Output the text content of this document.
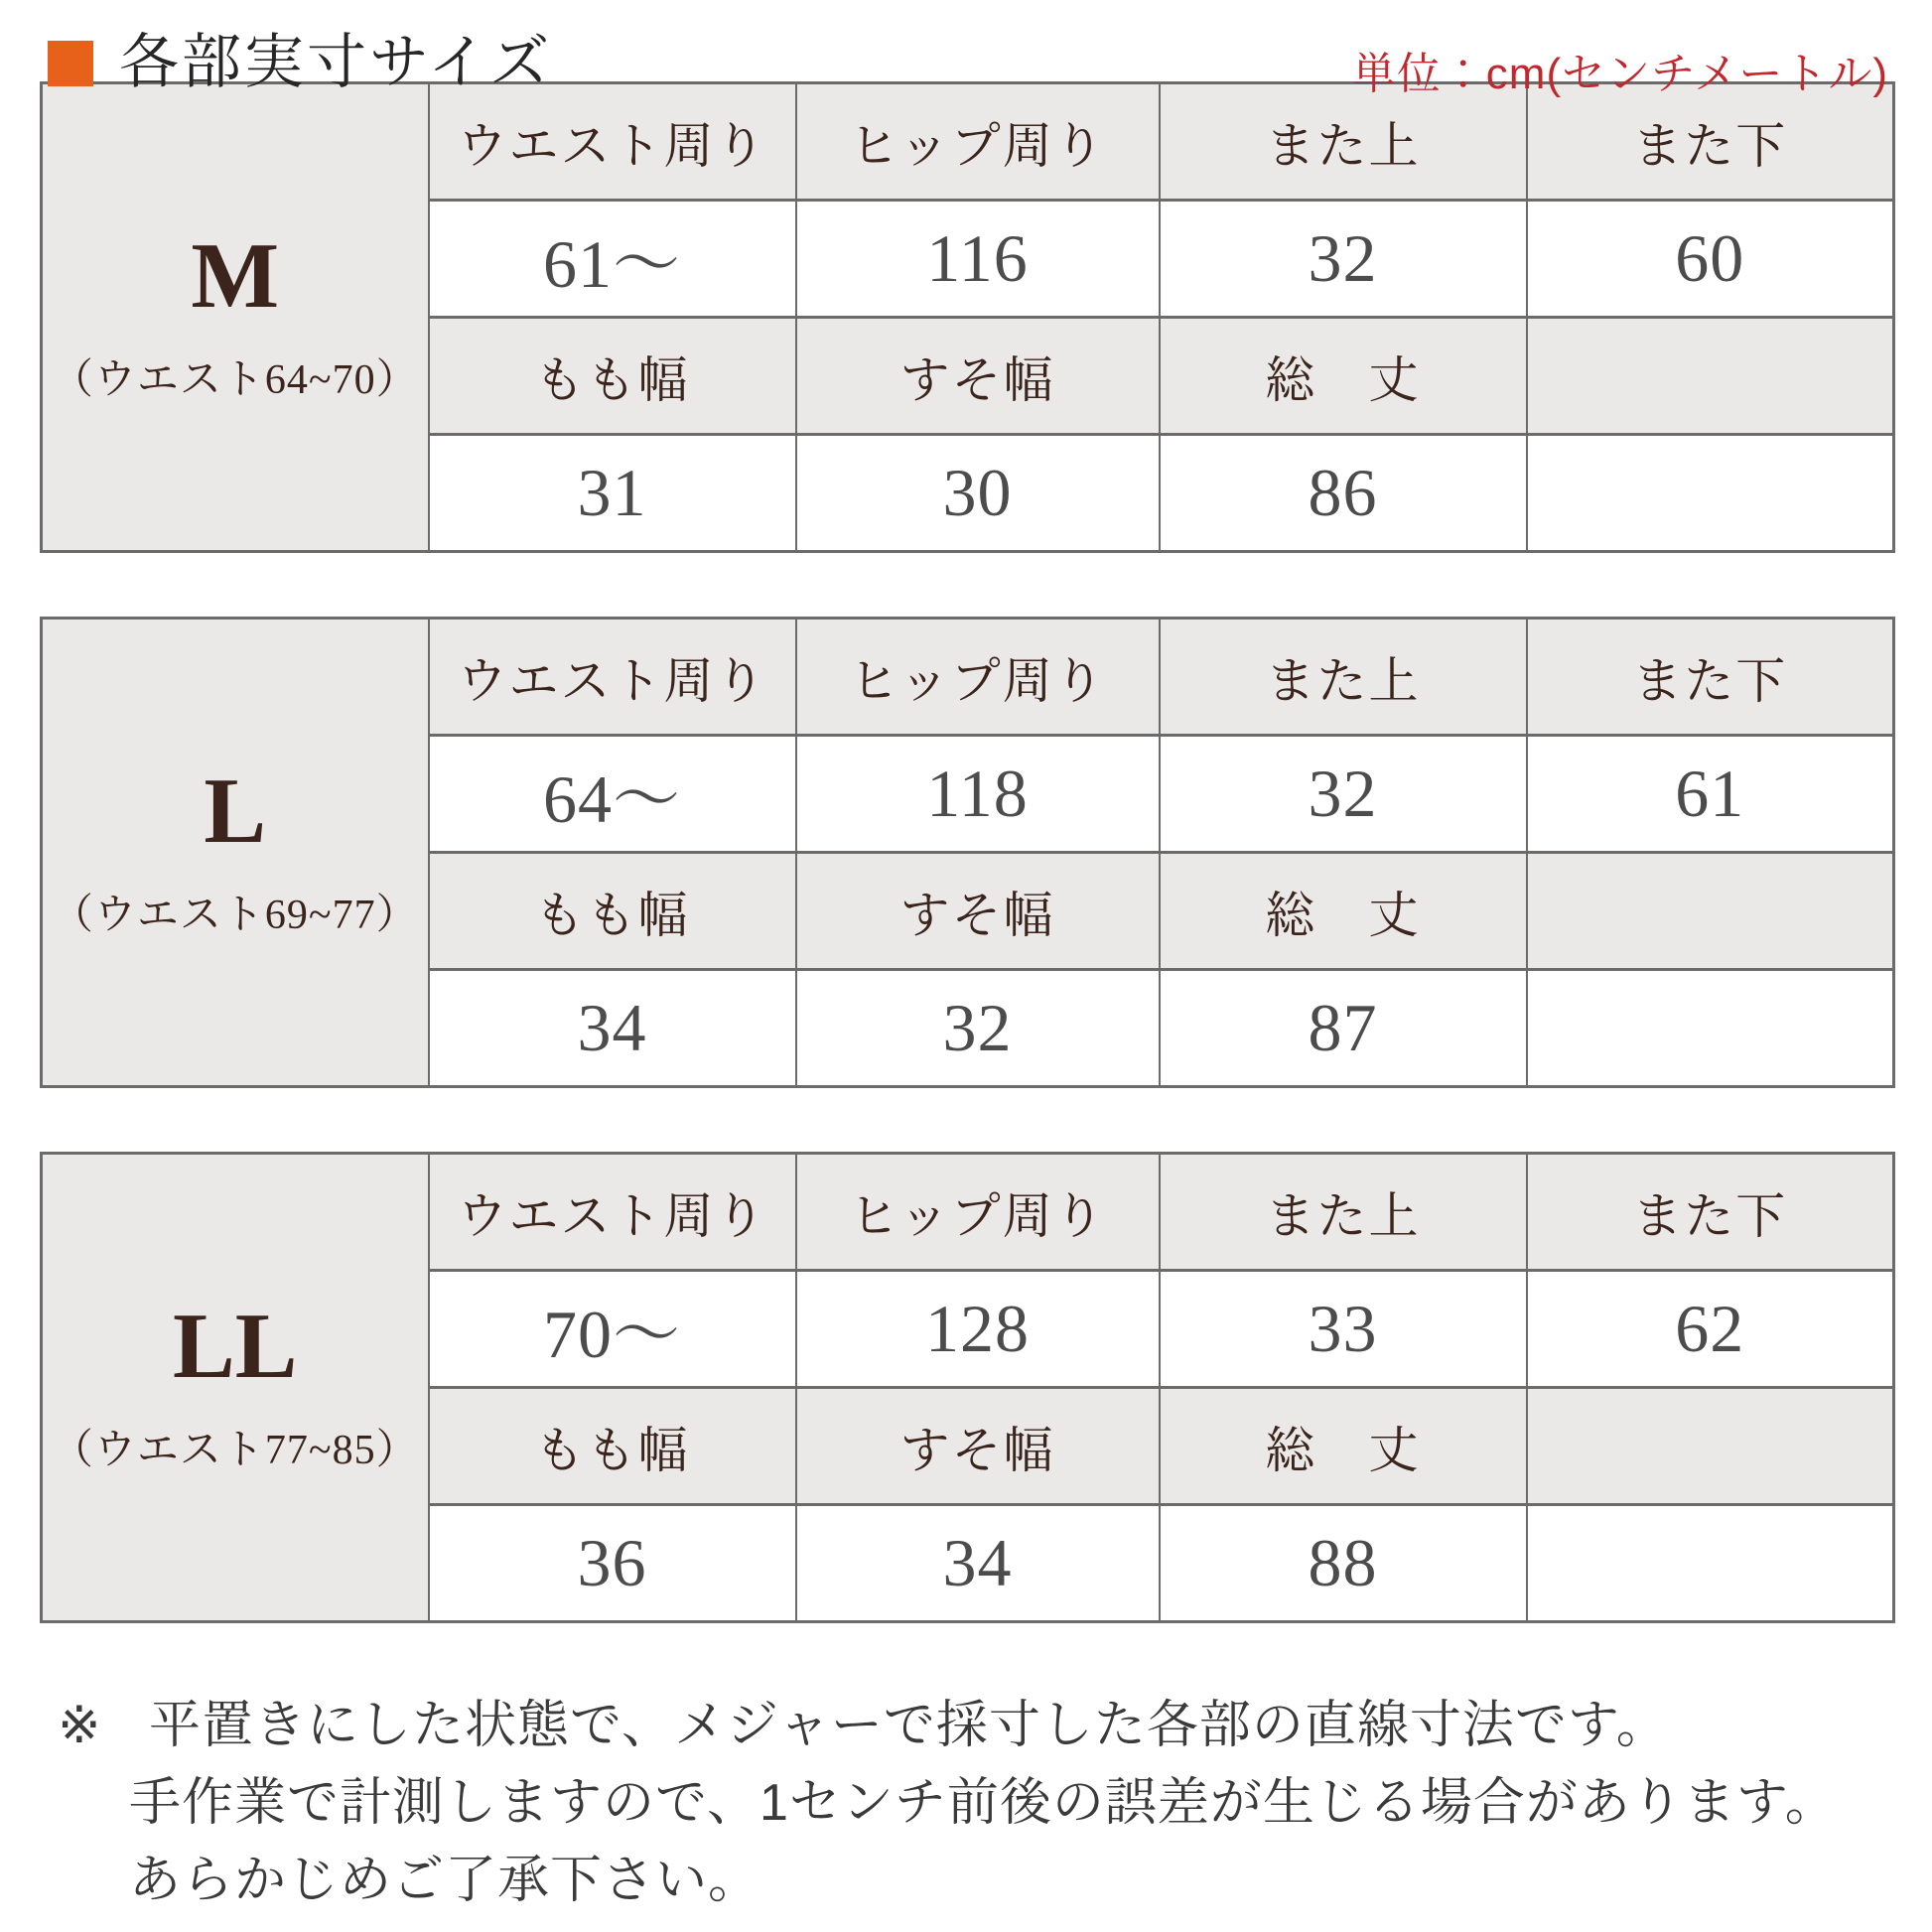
各部実寸サイズ	単位：cm(センチメートル)
M
（ウエスト64~70）	ウエスト周り	ヒップ周り	また上	また下
	61〜	116	32	60
	もも幅	すそ幅	総　丈	
	31	30	86	
L
（ウエスト69~77）	ウエスト周り	ヒップ周り	また上	また下
	64〜	118	32	61
	もも幅	すそ幅	総　丈	
	34	32	87	
LL
（ウエスト77~85）	ウエスト周り	ヒップ周り	また上	また下
	70〜	128	33	62
	もも幅	すそ幅	総　丈	
	36	34	88	

※ 平置きにした状態で、メジャーで採寸した各部の直線寸法です。

手作業で計測しますので、1センチ前後の誤差が生じる場合があります。

あらかじめご了承下さい。
